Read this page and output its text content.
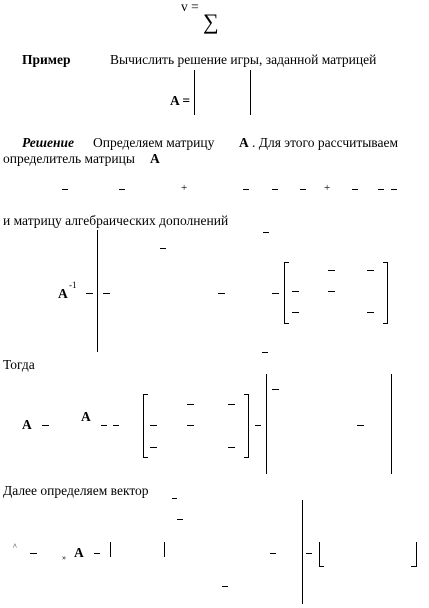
v =
∑
Пример	Вычислить решение игры, заданной матрицей
A =
Решение Определяем матрицу A . Для этого рассчитываем
определитель матрицы A
+	+
и матрицу алгебраических дополнений
A
-1
Тогда
A
A
Далее определяем вектор
^
» A
